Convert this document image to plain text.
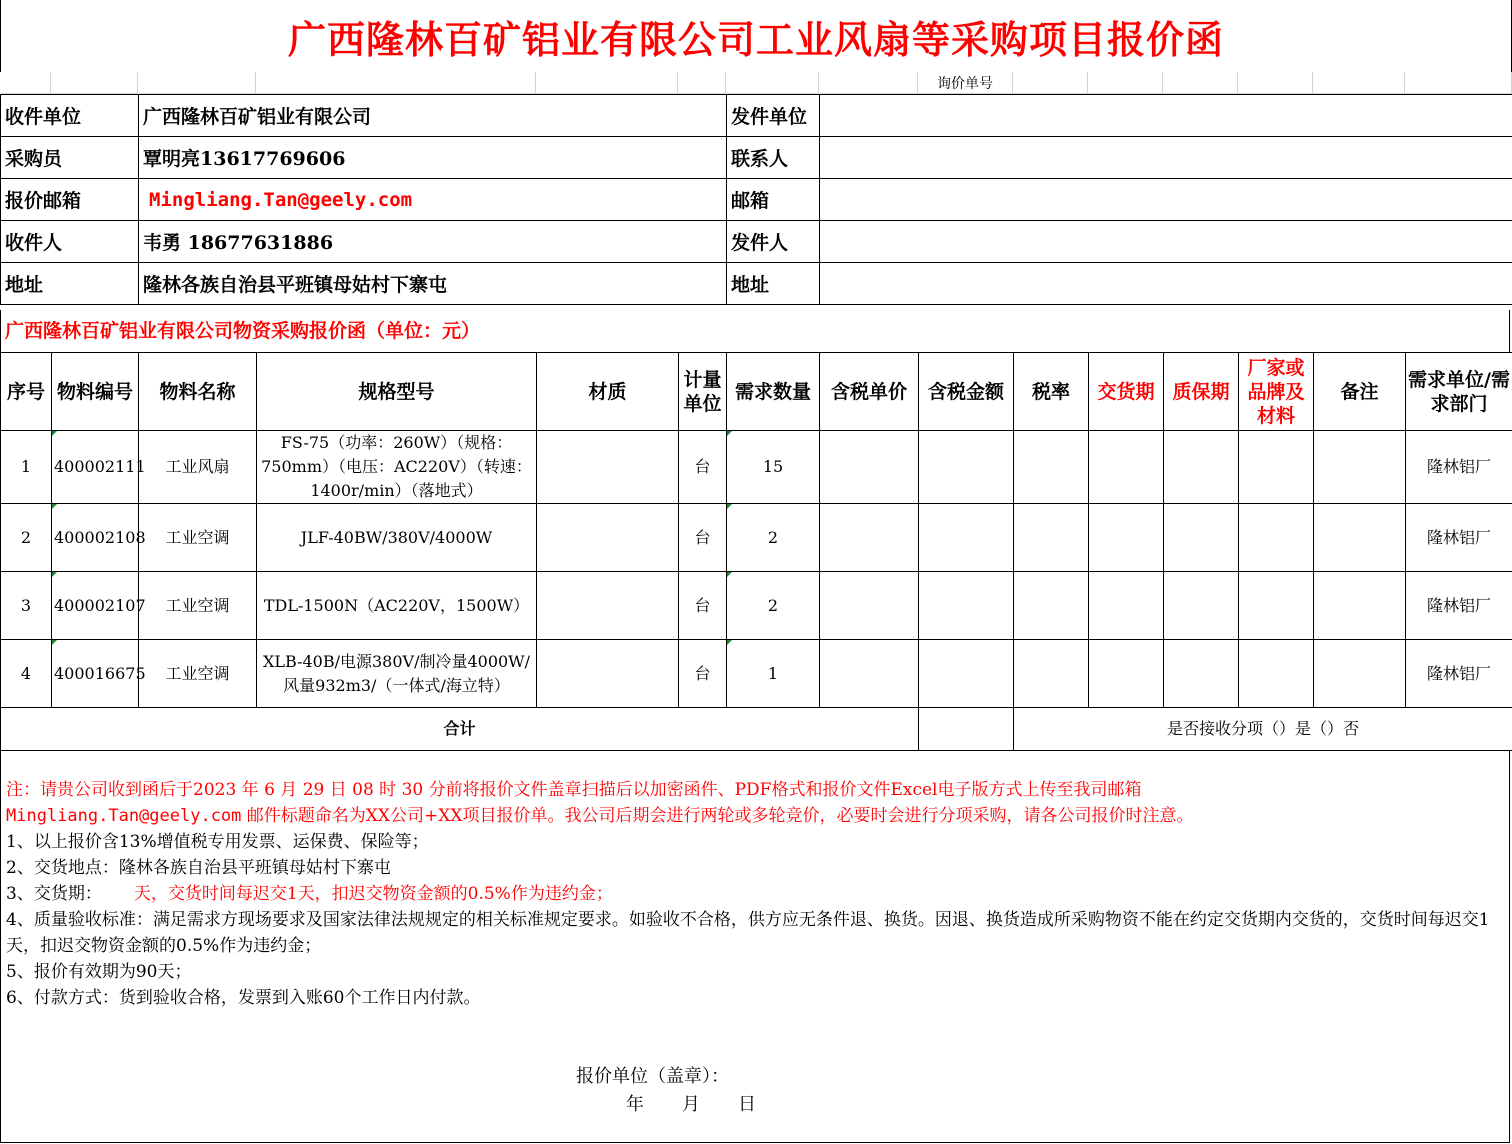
广西隆林百矿铝业有限公司工业风扇等采购项目报价函
询价单号
收件单位	广西隆林百矿铝业有限公司	发件单位	
采购员	覃明亮13617769606	联系人	
报价邮箱	Mingliang.Tan@geely.com	邮箱	
收件人	韦勇 18677631886	发件人	
地址	隆林各族自治县平班镇母姑村下寨屯	地址	
广西隆林百矿铝业有限公司物资采购报价函（单位：元）
序号	物料编号	物料名称	规格型号	材质	计量单位	需求数量	含税单价	含税金额	税率	交货期	质保期	厂家或品牌及材料	备注	需求单位/需求部门
1	400002111	工业风扇	FS-75（功率：260W）（规格：750mm）（电压：AC220V）（转速：1400r/min）（落地式）		台	15								隆林铝厂
2	400002108	工业空调	JLF-40BW/380V/4000W		台	2								隆林铝厂
3	400002107	工业空调	TDL-1500N（AC220V，1500W）		台	2								隆林铝厂
4	400016675	工业空调	XLB-40B/电源380V/制冷量4000W/风量932m3/（一体式/海立特）		台	1								隆林铝厂
合计									是否接收分项（）是（）否					

注：请贵公司收到函后于2023 年 6 月 29 日 08 时 30 分前将报价文件盖章扫描后以加密函件、PDF格式和报价文件Excel电子版方式上传至我司邮箱
Mingliang.Tan@geely.com 邮件标题命名为XX公司+XX项目报价单。我公司后期会进行两轮或多轮竞价，必要时会进行分项采购，请各公司报价时注意。

1、以上报价含13%增值税专用发票、运保费、保险等；

2、交货地点：隆林各族自治县平班镇母姑村下寨屯

3、交货期： 天，交货时间每迟交1天，扣迟交物资金额的0.5%作为违约金；

4、质量验收标准：满足需求方现场要求及国家法律法规规定的相关标准规定要求。如验收不合格，供方应无条件退、换货。因退、换货造成所采购物资不能在约定交货期内交货的，交货时间每迟交1天，扣迟交物资金额的0.5%作为违约金；

5、报价有效期为90天；

6、付款方式：货到验收合格，发票到入账60个工作日内付款。

报价单位（盖章）：
年 月 日
